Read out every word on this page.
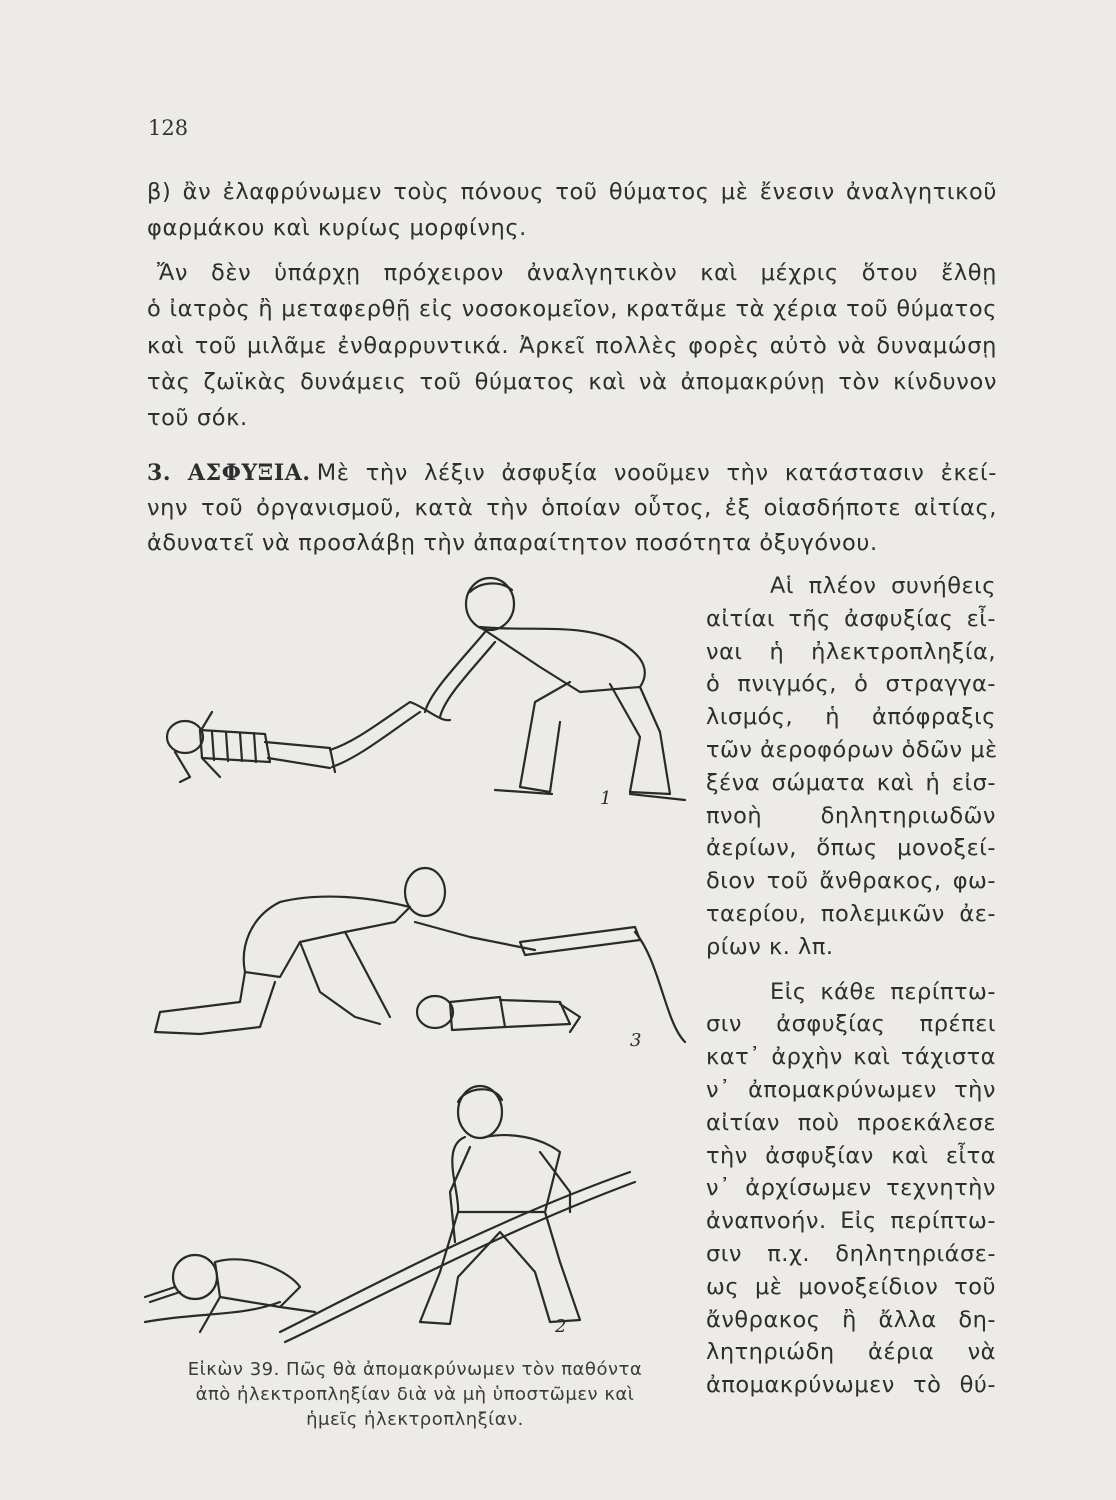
128
β) ἂν ἐλαφρύνωμεν τοὺς πόνους τοῦ θύματος μὲ ἔνεσιν ἀναλγητικοῦ
φαρμάκου καὶ κυρίως μορφίνης.
Ἄν δὲν ὑπάρχῃ πρόχειρον ἀναλγητικὸν καὶ μέχρις ὅτου ἔλθῃ
ὁ ἰατρὸς ἢ μεταφερθῇ εἰς νοσοκομεῖον, κρατᾶμε τὰ χέρια τοῦ θύματος
καὶ τοῦ μιλᾶμε ἐνθαρρυντικά. Ἀρκεῖ πολλὲς φορὲς αὐτὸ νὰ δυναμώσῃ
τὰς ζωϊκὰς δυνάμεις τοῦ θύματος καὶ νὰ ἀπομακρύνῃ τὸν κίνδυνον
τοῦ σόκ.
3. ΑΣΦΥΞΙΑ. Μὲ τὴν λέξιν ἀσφυξία νοοῦμεν τὴν κατάστασιν ἐκεί-
νην τοῦ ὀργανισμοῦ, κατὰ τὴν ὁποίαν οὗτος, ἐξ οἱασδήποτε αἰτίας,
ἀδυνατεῖ νὰ προσλάβῃ τὴν ἀπαραίτητον ποσότητα ὀξυγόνου.
Αἱ πλέον συνήθεις
αἰτίαι τῆς ἀσφυξίας εἶ-
ναι ἡ ἠλεκτροπληξία,
ὁ πνιγμός, ὁ στραγγα-
λισμός, ἡ ἀπόφραξις
τῶν ἀεροφόρων ὁδῶν μὲ
ξένα σώματα καὶ ἡ εἰσ-
πνοὴ δηλητηριωδῶν
ἀερίων, ὅπως μονοξεί-
διον τοῦ ἄνθρακος, φω-
ταερίου, πολεμικῶν ἀε-
ρίων κ. λπ.
Εἰς κάθε περίπτω-
σιν ἀσφυξίας πρέπει
κατ᾽ ἀρχὴν καὶ τάχιστα
ν᾽ ἀπομακρύνωμεν τὴν
αἰτίαν ποὺ προεκάλεσε
τὴν ἀσφυξίαν καὶ εἶτα
ν᾽ ἀρχίσωμεν τεχνητὴν
ἀναπνοήν. Εἰς περίπτω-
σιν π.χ. δηλητηριάσε-
ως μὲ μονοξείδιον τοῦ
ἄνθρακος ἢ ἄλλα δη-
λητηριώδη ἀέρια νὰ
ἀπομακρύνωμεν τὸ θύ-
1
3
2
Εἰκὼν 39. Πῶς θὰ ἀπομακρύνωμεν τὸν παθόντα
ἀπὸ ἠλεκτροπληξίαν διὰ νὰ μὴ ὑποστῶμεν καὶ
ἡμεῖς ἠλεκτροπληξίαν.
